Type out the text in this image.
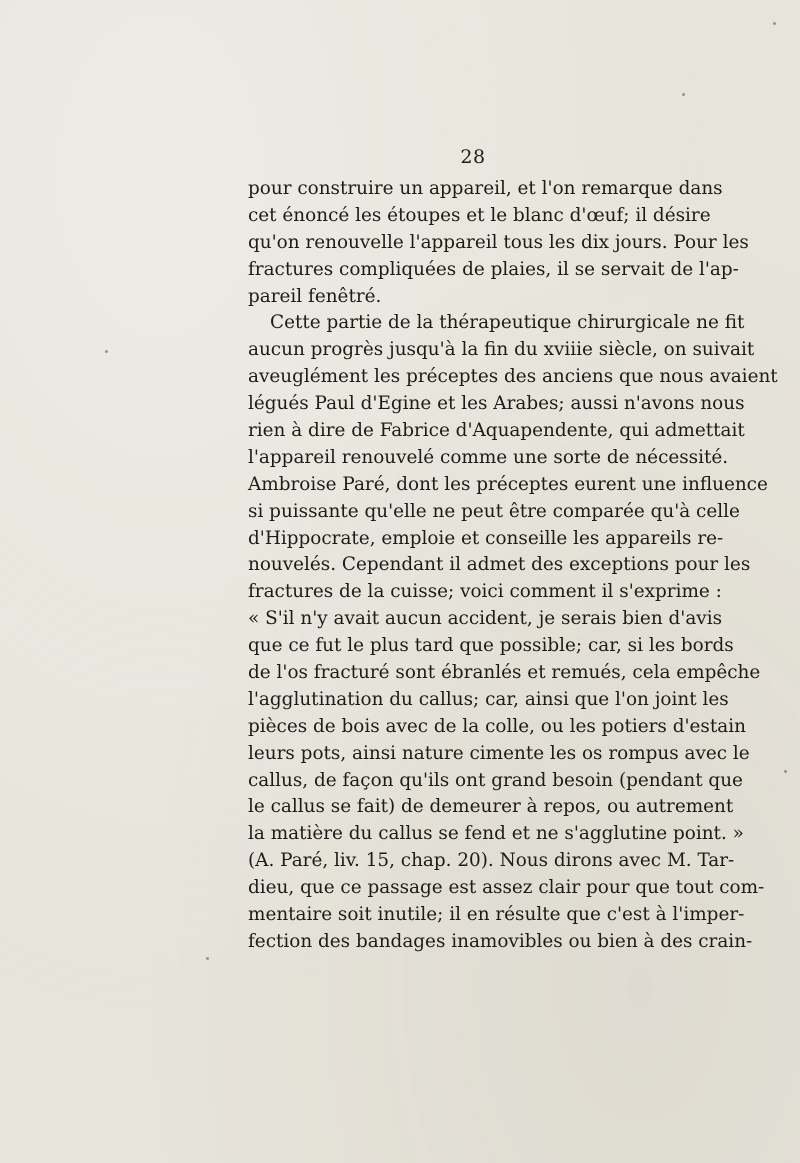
28
pour construire un appareil, et l'on remarque dans
cet énoncé les étoupes et le blanc d'œuf; il désire
qu'on renouvelle l'appareil tous les dix jours. Pour les
fractures compliquées de plaies, il se servait de l'ap-
pareil fenêtré.
Cette partie de la thérapeutique chirurgicale ne fit
aucun progrès jusqu'à la fin du xviiie siècle, on suivait
aveuglément les préceptes des anciens que nous avaient
légués Paul d'Egine et les Arabes; aussi n'avons nous
rien à dire de Fabrice d'Aquapendente, qui admettait
l'appareil renouvelé comme une sorte de nécessité.
Ambroise Paré, dont les préceptes eurent une influence
si puissante qu'elle ne peut être comparée qu'à celle
d'Hippocrate, emploie et conseille les appareils re-
nouvelés. Cependant il admet des exceptions pour les
fractures de la cuisse; voici comment il s'exprime :
« S'il n'y avait aucun accident, je serais bien d'avis
que ce fut le plus tard que possible; car, si les bords
de l'os fracturé sont ébranlés et remués, cela empêche
l'agglutination du callus; car, ainsi que l'on joint les
pièces de bois avec de la colle, ou les potiers d'estain
leurs pots, ainsi nature cimente les os rompus avec le
callus, de façon qu'ils ont grand besoin (pendant que
le callus se fait) de demeurer à repos, ou autrement
la matière du callus se fend et ne s'agglutine point. »
(A. Paré, liv. 15, chap. 20). Nous dirons avec M. Tar-
dieu, que ce passage est assez clair pour que tout com-
mentaire soit inutile; il en résulte que c'est à l'imper-
fection des bandages inamovibles ou bien à des crain-
